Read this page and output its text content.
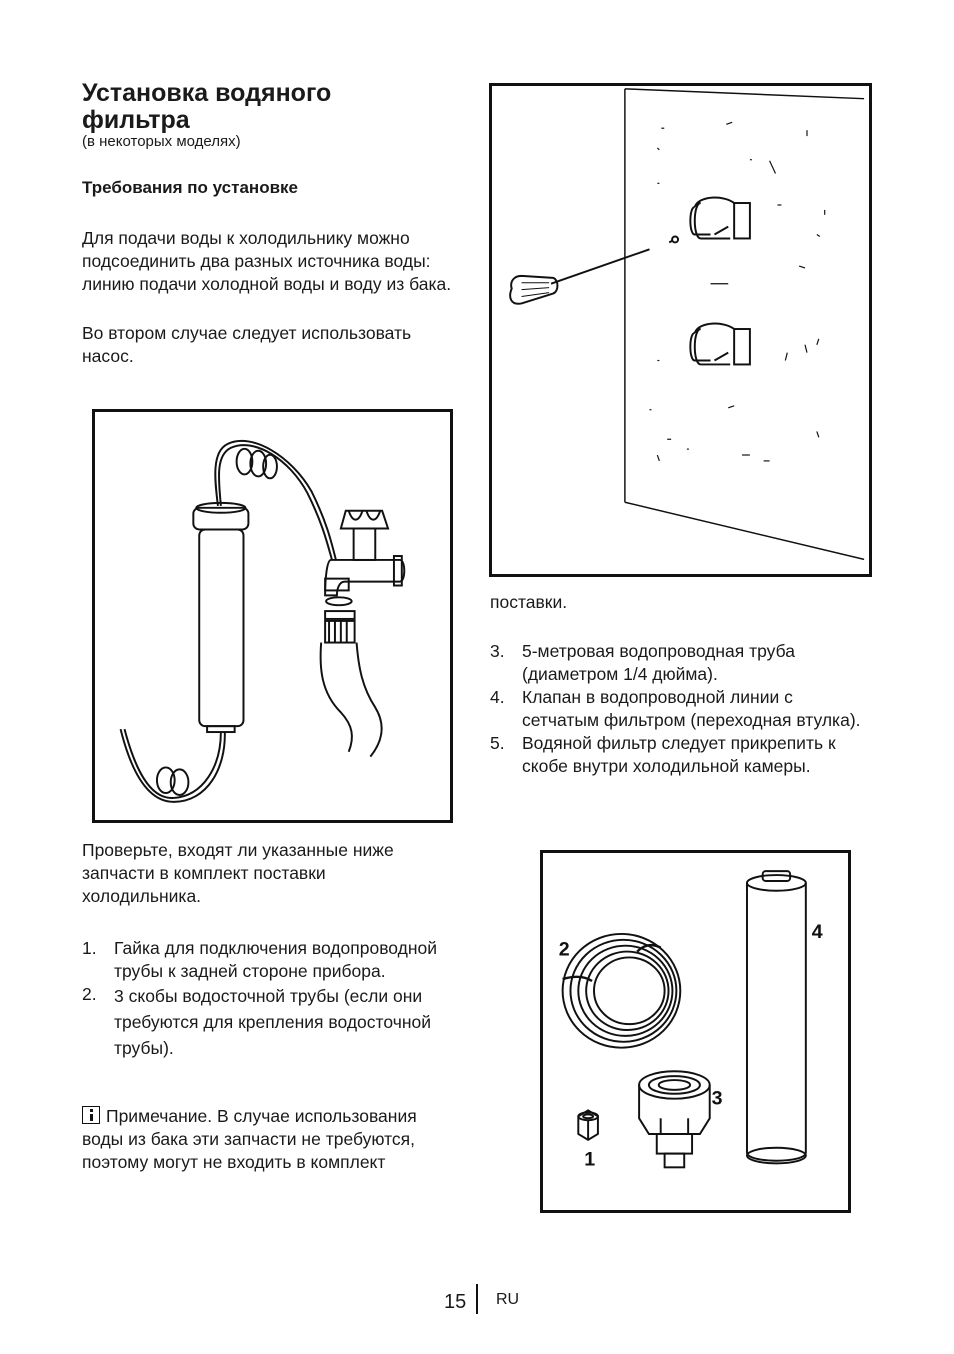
Установка водяного фильтра
(в некоторых моделях)
Требования по установке

Для подачи воды к холодильнику можно подсоединить два разных источника воды: линию подачи холодной воды и воду из бака.

Во втором случае следует использовать насос.

Проверьте, входят ли указанные ниже запчасти в комплект поставки холодильника.

1. Гайка для подключения водопроводной трубы к задней стороне прибора.
2. 3 скобы водосточной трубы (если они требуются для крепления водосточной трубы).

Примечание. В случае использования воды из бака эти запчасти не требуются, поэтому могут не входить в комплект

поставки.

3. 5-метровая водопроводная труба (диаметром 1/4 дюйма).
4. Клапан в водопроводной линии с сетчатым фильтром (переходная втулка).
5. Водяной фильтр следует прикрепить к скобе внутри холодильной камеры.
2
1
3
4
15 RU
